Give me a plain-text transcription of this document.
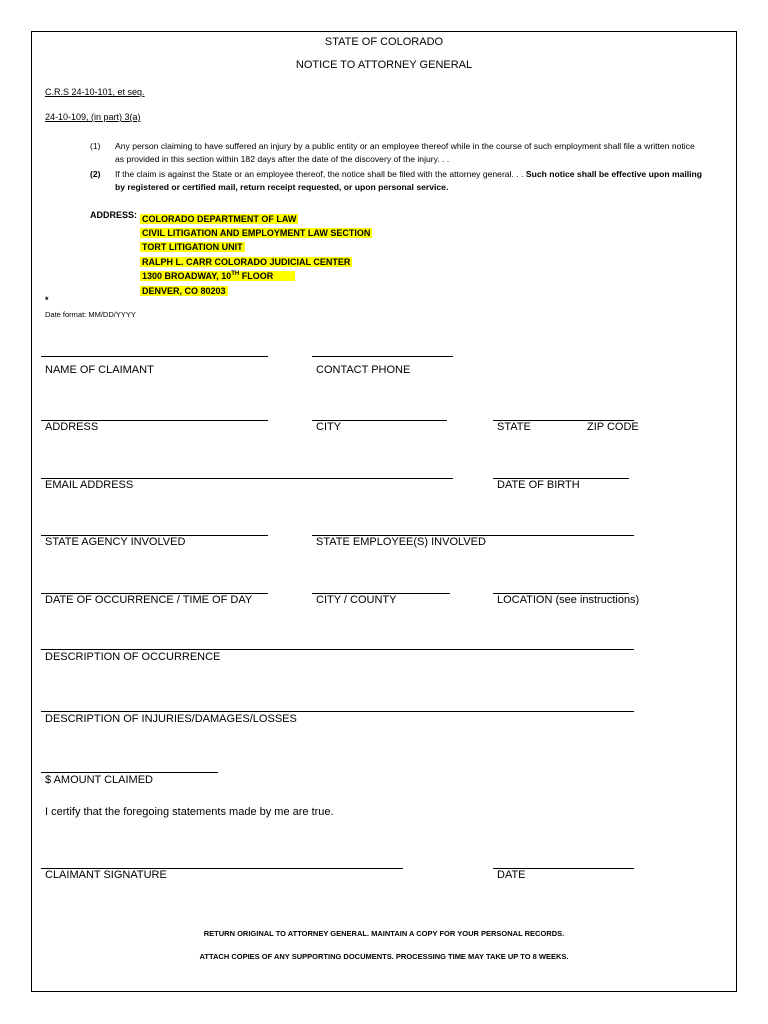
STATE OF COLORADO
NOTICE TO ATTORNEY GENERAL
C.R.S 24-10-101, et seq.
24-10-109, (in part) 3(a)
(1) Any person claiming to have suffered an injury by a public entity or an employee thereof while in the course of such employment shall file a written notice as provided in this section within 182 days after the date of the discovery of the injury. . .
(2) If the claim is against the State or an employee thereof, the notice shall be filed with the attorney general. . . Such notice shall be effective upon mailing by registered or certified mail, return receipt requested, or upon personal service.
ADDRESS: COLORADO DEPARTMENT OF LAW
CIVIL LITIGATION AND EMPLOYMENT LAW SECTION
TORT LITIGATION UNIT
RALPH L. CARR COLORADO JUDICIAL CENTER
1300 BROADWAY, 10TH FLOOR
DENVER, CO 80203
*
Date format: MM/DD/YYYY
NAME OF CLAIMANT	CONTACT PHONE
ADDRESS	CITY	STATE	ZIP CODE
EMAIL ADDRESS	DATE OF BIRTH
STATE AGENCY INVOLVED	STATE EMPLOYEE(S) INVOLVED
DATE OF OCCURRENCE / TIME OF DAY	CITY / COUNTY	LOCATION (see instructions)
DESCRIPTION OF OCCURRENCE
DESCRIPTION OF INJURIES/DAMAGES/LOSSES
$ AMOUNT CLAIMED
I certify that the foregoing statements made by me are true.
CLAIMANT SIGNATURE	DATE
RETURN ORIGINAL TO ATTORNEY GENERAL. MAINTAIN A COPY FOR YOUR PERSONAL RECORDS.
ATTACH COPIES OF ANY SUPPORTING DOCUMENTS. PROCESSING TIME MAY TAKE UP TO 8 WEEKS.
